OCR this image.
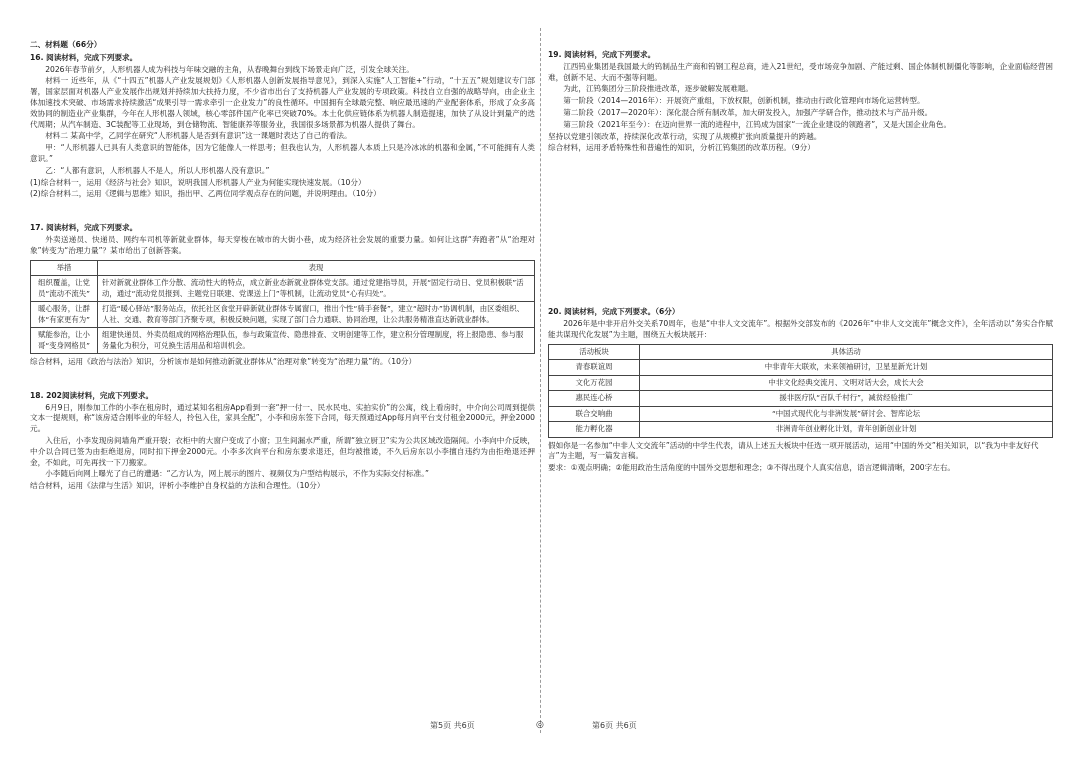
二、材料题（66分）

16. 阅读材料，完成下列要求。

2026年春节前夕，人形机器人成为科技与年味交融的主角，从春晚舞台到线下场景走向广泛，引发全球关注。

材料一 近些年，从《“十四五”机器人产业发展规划》《人形机器人创新发展指导意见》，到深入实施“人工智能+”行动，“十五五”规划建议专门部署，国家层面对机器人产业发展作出规划并持续加大扶持力度，不少省市出台了支持机器人产业发展的专项政策。科技自立自强的战略导向，由企业主体加速技术突破、市场需求持续激活“成果引导一需求牵引一企业发力”的良性循环。中国拥有全球最完整、响应最迅速的产业配套体系，形成了众多高效协同的制造业产业集群，今年在人形机器人领域，核心零部件国产化率已突破70%。本土化供应链体系为机器人制造提速，加快了从设计到量产的迭代周期；从汽车制造、3C装配等工业现场，到仓储物流、智能康养等服务业，我国很多场景都为机器人提供了舞台。

材料二 某高中学，乙同学在研究“人形机器人是否到有意识”这一课题时表达了自己的看法。

甲：“人形机器人已具有人类意识的智能体，因为它能像人一样思考；但我也认为，人形机器人本质上只是冷冰冰的机器和金属，”不可能拥有人类意识。”

乙：“人都有意识，人形机器人不是人，所以人形机器人没有意识。”

(1)综合材料一，运用《经济与社会》知识，说明我国人形机器人产业为何能实现快速发展。（10分）

(2)综合材料二，运用《逻辑与思维》知识，指出甲、乙两位同学观点存在的问题，并说明理由。（10分）

17. 阅读材料，完成下列要求。

外卖送递员、快递员、网约车司机等新就业群体，每天穿梭在城市的大街小巷，成为经济社会发展的重要力量。如何让这群“奔跑者”从“治理对象”转变为“治理力量”？某市给出了创新答案。

举措	表现
组织覆盖，让党员“流动不流失”	针对新就业群体工作分散、流动性大的特点，成立新业态新就业群体党支部。通过党建指导员，开展“固定行动日、党员积极联”活动，通过“流动党员报到、主题党日联建、党课送上门”等机制，让流动党员“心有归处”。
暖心服务，让群体“有家更有为”	打造“暖心驿站”服务站点，依托社区食堂开辟新就业群体专属窗口，推出个性“骑手套餐”，建立“超时办”协调机制，由区委组织、人社、交通、教育等部门齐聚专项，积极反映问题，实现了部门合力通联、协同治理，让公共服务精准直达新就业群体。
赋能参治，让小哥“变身网格员”	组建快递员、外卖员组成的网格治理队伍，参与政策宣传、隐患排查、文明创建等工作，建立积分管理制度，将上报隐患、参与服务量化为积分，可兑换生活用品和培训机会。

综合材料，运用《政治与法治》知识，分析该市是如何推动新就业群体从“治理对象”转变为“治理力量”的。（10分）

18. 202阅读材料，完成下列要求。

6月9日，刚参加工作的小李在租房时，通过某知名租房App看到一套“押一付一、民水民电、实拍实价”的公寓，线上看房时，中介向公司周到提供文本一提规则，称“该房适合刚毕业的年轻人，拎包入住，家具全配”，小李和房东签下合同，每天预通过App每月向平台支付租金2000元，押金2000元。

入住后，小李发现房间墙角严重开裂；衣柜中的大窗户变成了小窗；卫生间漏水严重，所谓“独立厨卫”实为公共区域改造隔间。小李向中介反映，中介以合同已签为由拒绝退房，同时扣下押金2000元。小李多次向平台和房东要求退还，但均被推诿，不久后房东以小李擅自违约为由拒绝退还押金，不如此，可先再找一下刀搬家。

小李随后向网上曝光了自己的遭遇：“乙方认为，网上展示的图片、视频仅为户型结构展示，不作为实际交付标准。”

结合材料，运用《法律与生活》知识，评析小李维护自身权益的方法和合理性。（10分）

19. 阅读材料，完成下列要求。

江西钨业集团是我国最大的钨制品生产商和钨钢工程总商，进入21世纪，受市场竞争加剧、产能过剩、国企体制机制僵化等影响，企业面临经营困难，创新不足、大而不强等问题。

为此，江钨集团分三阶段推进改革，逐步破解发展难题。

第一阶段（2014—2016年）：开展资产重组，下放权限，创新机制，推动由行政化管理向市场化运营转型。

第二阶段（2017—2020年）：深化混合所有制改革，加大研发投入，加强产学研合作，推动技术与产品升级。

第三阶段（2021年至今）：在迈向世界一流的进程中，江钨成为国家“一流企业建设的领跑者”，又是大国企业角色。

坚持以党建引领改革，持续深化改革行动，实现了从规模扩张向质量提升的跨越。

综合材料，运用矛盾特殊性和普遍性的知识，分析江钨集团的改革历程。（9分）

20. 阅读材料，完成下列要求。（6分）

2026年是中非开启外交关系70周年，也是“中非人文交流年”。根据外交部发布的《2026年“中非人文交流年”概念文件》，全年活动以“务实合作赋能共谋现代化发展”为主题，围绕五大板块展开：

活动板块	具体活动
青春联谊周	中非青年大联欢，未来领袖研讨，卫星星新光计划
文化万花园	中非文化经典交流月、文明对话大会，成长大会
惠民连心桥	援非医疗队“百队千村行”，减贫经验推广
联合交响曲	“中国式现代化与非洲发展”研讨会、智库论坛
能力孵化器	非洲青年创业孵化计划，青年创新创业计划

假如你是一名参加“中非人文交流年”活动的中学生代表，请从上述五大板块中任选一项开展活动，运用“中国的外交”相关知识，以“我为中非友好代言”为主题，写一篇发言稿。

要求：①观点明确；②能用政治生活角度的中国外交思想和理念；③不得出现个人真实信息，语言逻辑清晰，200字左右。

第5页 共6页	◎	第6页 共6页
